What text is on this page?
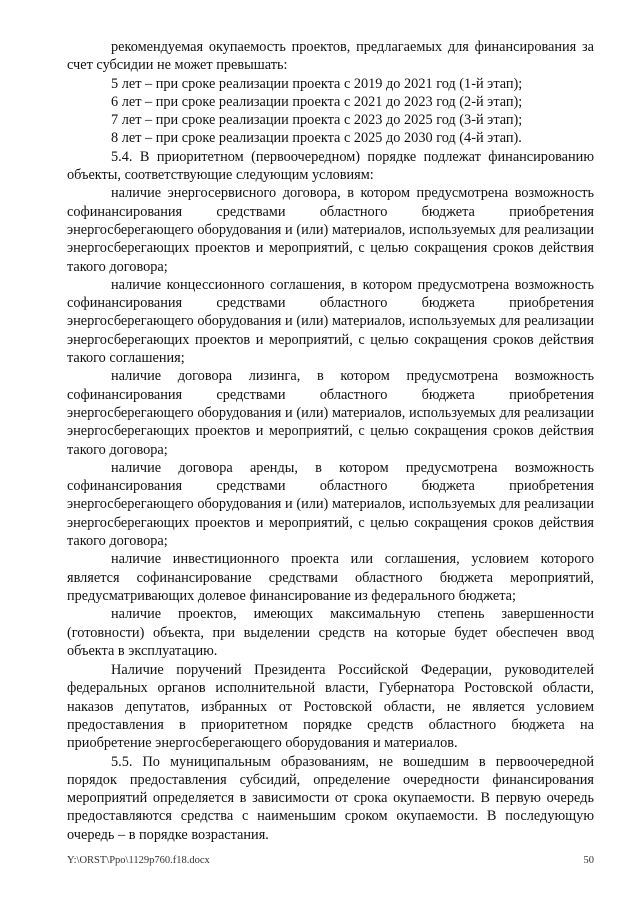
рекомендуемая окупаемость проектов, предлагаемых для финансирования за счет субсидии не может превышать:

5 лет – при сроке реализации проекта с 2019 до 2021 год (1-й этап);

6 лет – при сроке реализации проекта с 2021 до 2023 год (2-й этап);

7 лет – при сроке реализации проекта с 2023 до 2025 год (3-й этап);

8 лет – при сроке реализации проекта с 2025 до 2030 год (4-й этап).

5.4. В приоритетном (первоочередном) порядке подлежат финансированию объекты, соответствующие следующим условиям:

наличие энергосервисного договора, в котором предусмотрена возможность софинансирования средствами областного бюджета приобретения энергосберегающего оборудования и (или) материалов, используемых для реализации энергосберегающих проектов и мероприятий, с целью сокращения сроков действия такого договора;

наличие концессионного соглашения, в котором предусмотрена возможность софинансирования средствами областного бюджета приобретения энергосберегающего оборудования и (или) материалов, используемых для реализации энергосберегающих проектов и мероприятий, с целью сокращения сроков действия такого соглашения;

наличие договора лизинга, в котором предусмотрена возможность софинансирования средствами областного бюджета приобретения энергосберегающего оборудования и (или) материалов, используемых для реализации энергосберегающих проектов и мероприятий, с целью сокращения сроков действия такого договора;

наличие договора аренды, в котором предусмотрена возможность софинансирования средствами областного бюджета приобретения энергосберегающего оборудования и (или) материалов, используемых для реализации энергосберегающих проектов и мероприятий, с целью сокращения сроков действия такого договора;

наличие инвестиционного проекта или соглашения, условием которого является софинансирование средствами областного бюджета мероприятий, предусматривающих долевое финансирование из федерального бюджета;

наличие проектов, имеющих максимальную степень завершенности (готовности) объекта, при выделении средств на которые будет обеспечен ввод объекта в эксплуатацию.

Наличие поручений Президента Российской Федерации, руководителей федеральных органов исполнительной власти, Губернатора Ростовской области, наказов депутатов, избранных от Ростовской области, не является условием предоставления в приоритетном порядке средств областного бюджета на приобретение энергосберегающего оборудования и материалов.

5.5. По муниципальным образованиям, не вошедшим в первоочередной порядок предоставления субсидий, определение очередности финансирования мероприятий определяется в зависимости от срока окупаемости. В первую очередь предоставляются средства с наименьшим сроком окупаемости. В последующую очередь – в порядке возрастания.

Y:\ORST\Ppo\1129p760.f18.docx	50
